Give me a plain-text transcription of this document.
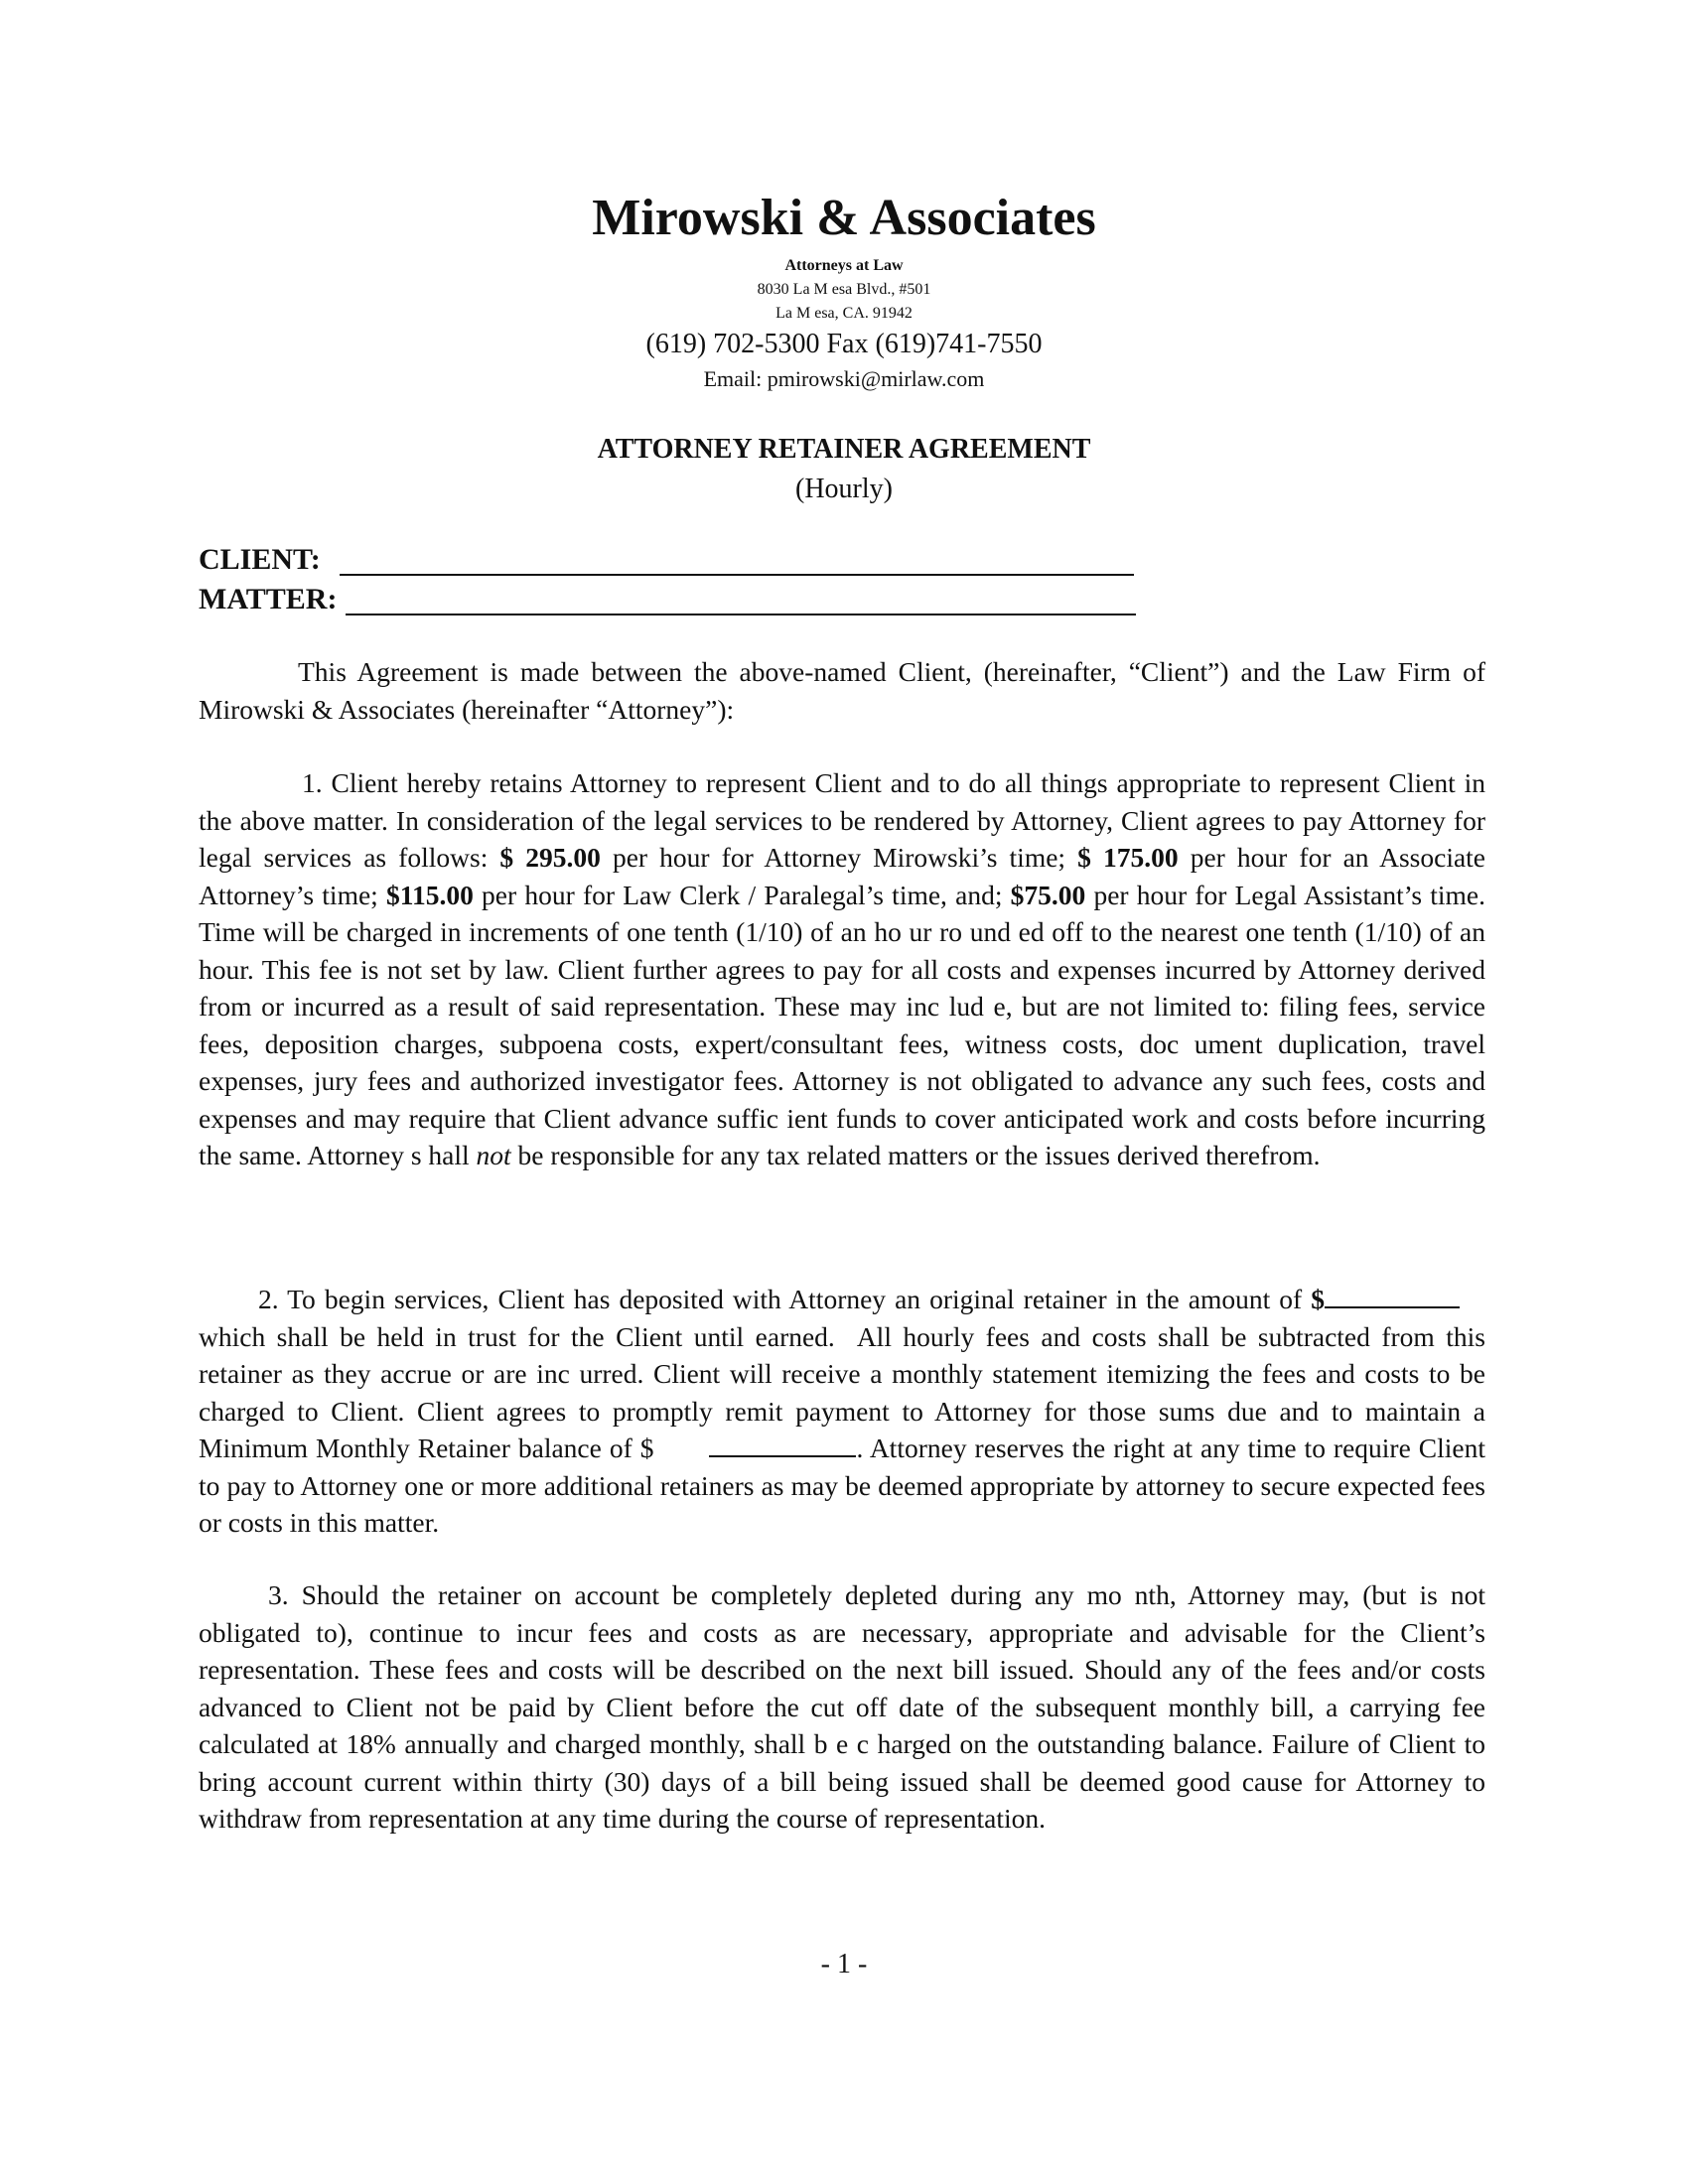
Mirowski & Associates
Attorneys at Law
8030 La M esa Blvd., #501
La M esa, CA. 91942
(619) 702-5300 Fax (619)741-7550
Email: pmirowski@mirlaw.com
ATTORNEY RETAINER AGREEMENT
(Hourly)
CLIENT:
MATTER:
This Agreement is made between the above-named Client, (hereinafter, “Client”) and the Law Firm of Mirowski & Associates (hereinafter “Attorney”):
1. Client hereby retains Attorney to represent Client and to do all things appropriate to represent Client in the above matter. In consideration of the legal services to be rendered by Attorney, Client agrees to pay Attorney for legal services as follows: $ 295.00 per hour for Attorney Mirowski’s time; $ 175.00 per hour for an Associate Attorney’s time; $115.00 per hour for Law Clerk / Paralegal’s time, and; $75.00 per hour for Legal Assistant’s time. Time will be charged in increments of one tenth (1/10) of an ho ur ro und ed off to the nearest one tenth (1/10) of an hour. This fee is not set by law. Client further agrees to pay for all costs and expenses incurred by Attorney derived from or incurred as a result of said representation. These may inc lud e, but are not limited to: filing fees, service fees, deposition charges, subpoena costs, expert/consultant fees, witness costs, doc ument duplication, travel expenses, jury fees and authorized investigator fees. Attorney is not obligated to advance any such fees, costs and expenses and may require that Client advance suffic ient funds to cover anticipated work and costs before incurring the same. Attorney s hall not be responsible for any tax related matters or the issues derived therefrom.
2. To begin services, Client has deposited with Attorney an original retainer in the amount of $which shall be held in trust for the Client until earned. All hourly fees and costs shall be subtracted from this retainer as they accrue or are inc urred. Client will receive a monthly statement itemizing the fees and costs to be charged to Client. Client agrees to promptly remit payment to Attorney for those sums due and to maintain a Minimum Monthly Retainer balance of $	. Attorney reserves the right at any time to require Client to pay to Attorney one or more additional retainers as may be deemed appropriate by attorney to secure expected fees or costs in this matter.
3. Should the retainer on account be completely depleted during any mo nth, Attorney may, (but is not obligated to), continue to incur fees and costs as are necessary, appropriate and advisable for the Client’s representation. These fees and costs will be described on the next bill issued. Should any of the fees and/or costs advanced to Client not be paid by Client before the cut off date of the subsequent monthly bill, a carrying fee calculated at 18% annually and charged monthly, shall b e c harged on the outstanding balance. Failure of Client to bring account current within thirty (30) days of a bill being issued shall be deemed good cause for Attorney to withdraw from representation at any time during the course of representation.
- 1 -
